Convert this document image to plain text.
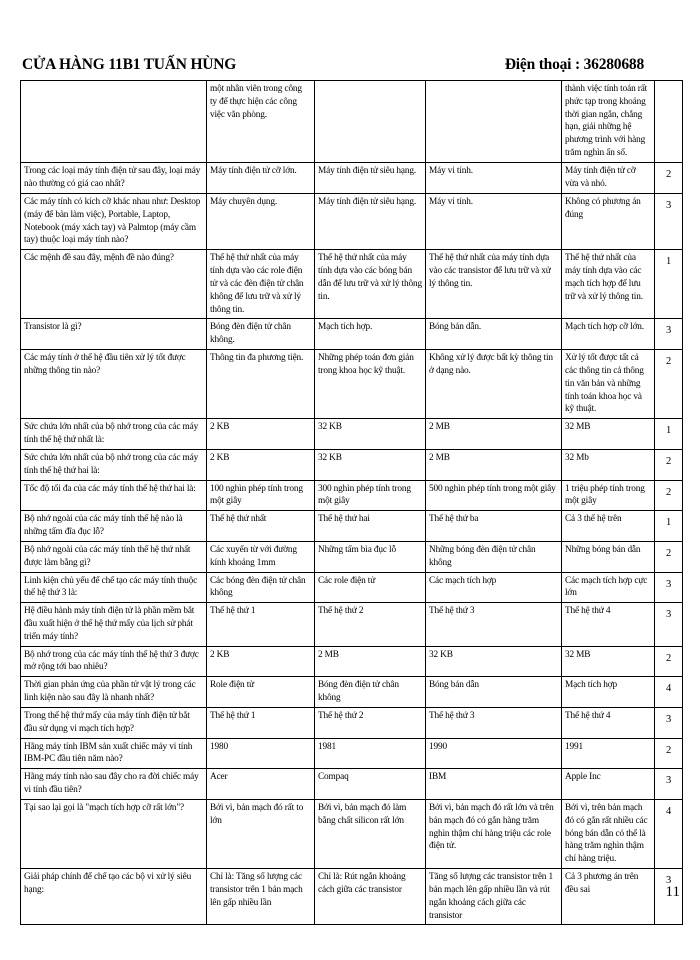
CỬA HÀNG 11B1 TUẤN HÙNG	Điện thoại : 36280688
	một nhân viên trong công ty để thực hiện các công việc văn phòng.			thành việc tính toán rất phức tạp trong khoảng thời gian ngắn, chẳng hạn, giải những hệ phương trình với hàng trăm nghìn ẩn số.	
Trong các loại máy tính điện tử sau đây, loại máy nào thường có giá cao nhất?	Máy tính điện tử cỡ lớn.	Máy tính điện tử siêu hạng.	Máy vi tính.	Máy tính điện tử cỡ vừa và nhỏ.	2
Các máy tính có kích cỡ khác nhau như: Desktop (máy để bàn làm việc), Portable, Laptop, Notebook (máy xách tay) và Palmtop (máy cầm tay) thuộc loại máy tính nào?	Máy chuyên dụng.	Máy tính điện tử siêu hạng.	Máy vi tính.	Không có phương án đúng	3
Các mệnh đề sau đây, mệnh đề nào đúng?	Thế hệ thứ nhất của máy tính dựa vào các role điện tử và các đèn điện tử chân không để lưu trữ và xử lý thông tin.	Thế hệ thứ nhất của máy tính dựa vào các bóng bán dẫn để lưu trữ và xử lý thông tin.	Thế hệ thứ nhất của máy tính dựa vào các transistor để lưu trữ và xử lý thông tin.	Thế hệ thứ nhất của máy tính dựa vào các mạch tích hợp để lưu trữ và xử lý thông tin.	1
Transistor là gì?	Bóng đèn điện tử chân không.	Mạch tích hợp.	Bóng bán dẫn.	Mạch tích hợp cỡ lớn.	3
Các máy tính ở thế hệ đầu tiên xử lý tốt được những thông tin nào?	Thông tin đa phương tiện.	Những phép toán đơn giản trong khoa học kỹ thuật.	Không xử lý được bất kỳ thông tin ở dạng nào.	Xử lý tốt được tất cả các thông tin cả thông tin văn bản và những tính toán khoa học và kỹ thuật.	2
Sức chứa lớn nhất của bộ nhớ trong của các máy tính thế hệ thứ nhất là:	2 KB	32 KB	2 MB	32 MB	1
Sức chứa lớn nhất của bộ nhớ trong của các máy tính thế hệ thứ hai là:	2 KB	32 KB	2 MB	32 Mb	2
Tốc độ tối đa của các máy tính thế hệ thứ hai là:	100 nghìn phép tính trong một giây	300 nghìn phép tính trong một giây	500 nghìn phép tính trong một giây	1 triệu phép tính trong một giây	2
Bộ nhớ ngoài của các máy tính thế hệ nào là những tấm đĩa đục lỗ?	Thế hệ thứ nhất	Thế hệ thứ hai	Thế hệ thứ ba	Cả 3 thế hệ trên	1
Bộ nhớ ngoài của các máy tính thế hệ thứ nhất được làm bằng gì?	Các xuyến từ với đường kính khoảng 1mm	Những tấm bìa đục lỗ	Những bóng đèn điện tử chân không	Những bóng bán dẫn	2
Linh kiện chủ yếu để chế tạo các máy tính thuộc thế hệ thứ 3 là:	Các bóng đèn điện tử chân không	Các role điện tử	Các mạch tích hợp	Các mạch tích hợp cực lớn	3
Hệ điều hành máy tính điện tử là phần mềm bắt đầu xuất hiện ở thế hệ thứ mấy của lịch sử phát triển máy tính?	Thế hệ thứ 1	Thế hệ thứ 2	Thế hệ thứ 3	Thế hệ thứ 4	3
Bộ nhớ trong của các máy tính thế hệ thứ 3 được mở rộng tới bao nhiêu?	2 KB	2 MB	32 KB	32 MB	2
Thời gian phản ứng của phần tử vật lý trong các linh kiện nào sau đây là nhanh nhất?	Role điện tử	Bóng đèn điện tử chân không	Bóng bán dẫn	Mạch tích hợp	4
Trong thế hệ thứ mấy của máy tính điện tử bắt đầu sử dụng vi mạch tích hợp?	Thế hệ thứ 1	Thế hệ thứ 2	Thế hệ thứ 3	Thế hệ thứ 4	3
Hãng máy tính IBM sản xuất chiếc máy vi tính IBM-PC đầu tiên năm nào?	1980	1981	1990	1991	2
Hãng máy tính nào sau đây cho ra đời chiếc máy vi tính đầu tiên?	Acer	Compaq	IBM	Apple Inc	3
Tại sao lại gọi là "mạch tích hợp cỡ rất lớn"?	Bởi vì, bản mạch đó rất to lớn	Bởi vì, bản mạch đó làm bằng chất silicon rất lớn	Bởi vì, bản mạch đó rất lớn và trên bản mạch đó có gắn hàng trăm nghìn thậm chí hàng triệu các role điện tử.	Bởi vì, trên bản mạch đó có gắn rất nhiều các bóng bán dẫn có thể là hàng trăm nghìn thậm chí hàng triệu.	4
Giải pháp chính để chế tạo các bộ vi xử lý siêu hạng:	Chỉ là: Tăng số lượng các transistor trên 1 bản mạch lên gấp nhiều lần	Chỉ là: Rút ngắn khoảng cách giữa các transistor	Tăng số lượng các transistor trên 1 bản mạch lên gấp nhiều lần và rút ngắn khoảng cách giữa các transistor	Cả 3 phương án trên đều sai	3
11
